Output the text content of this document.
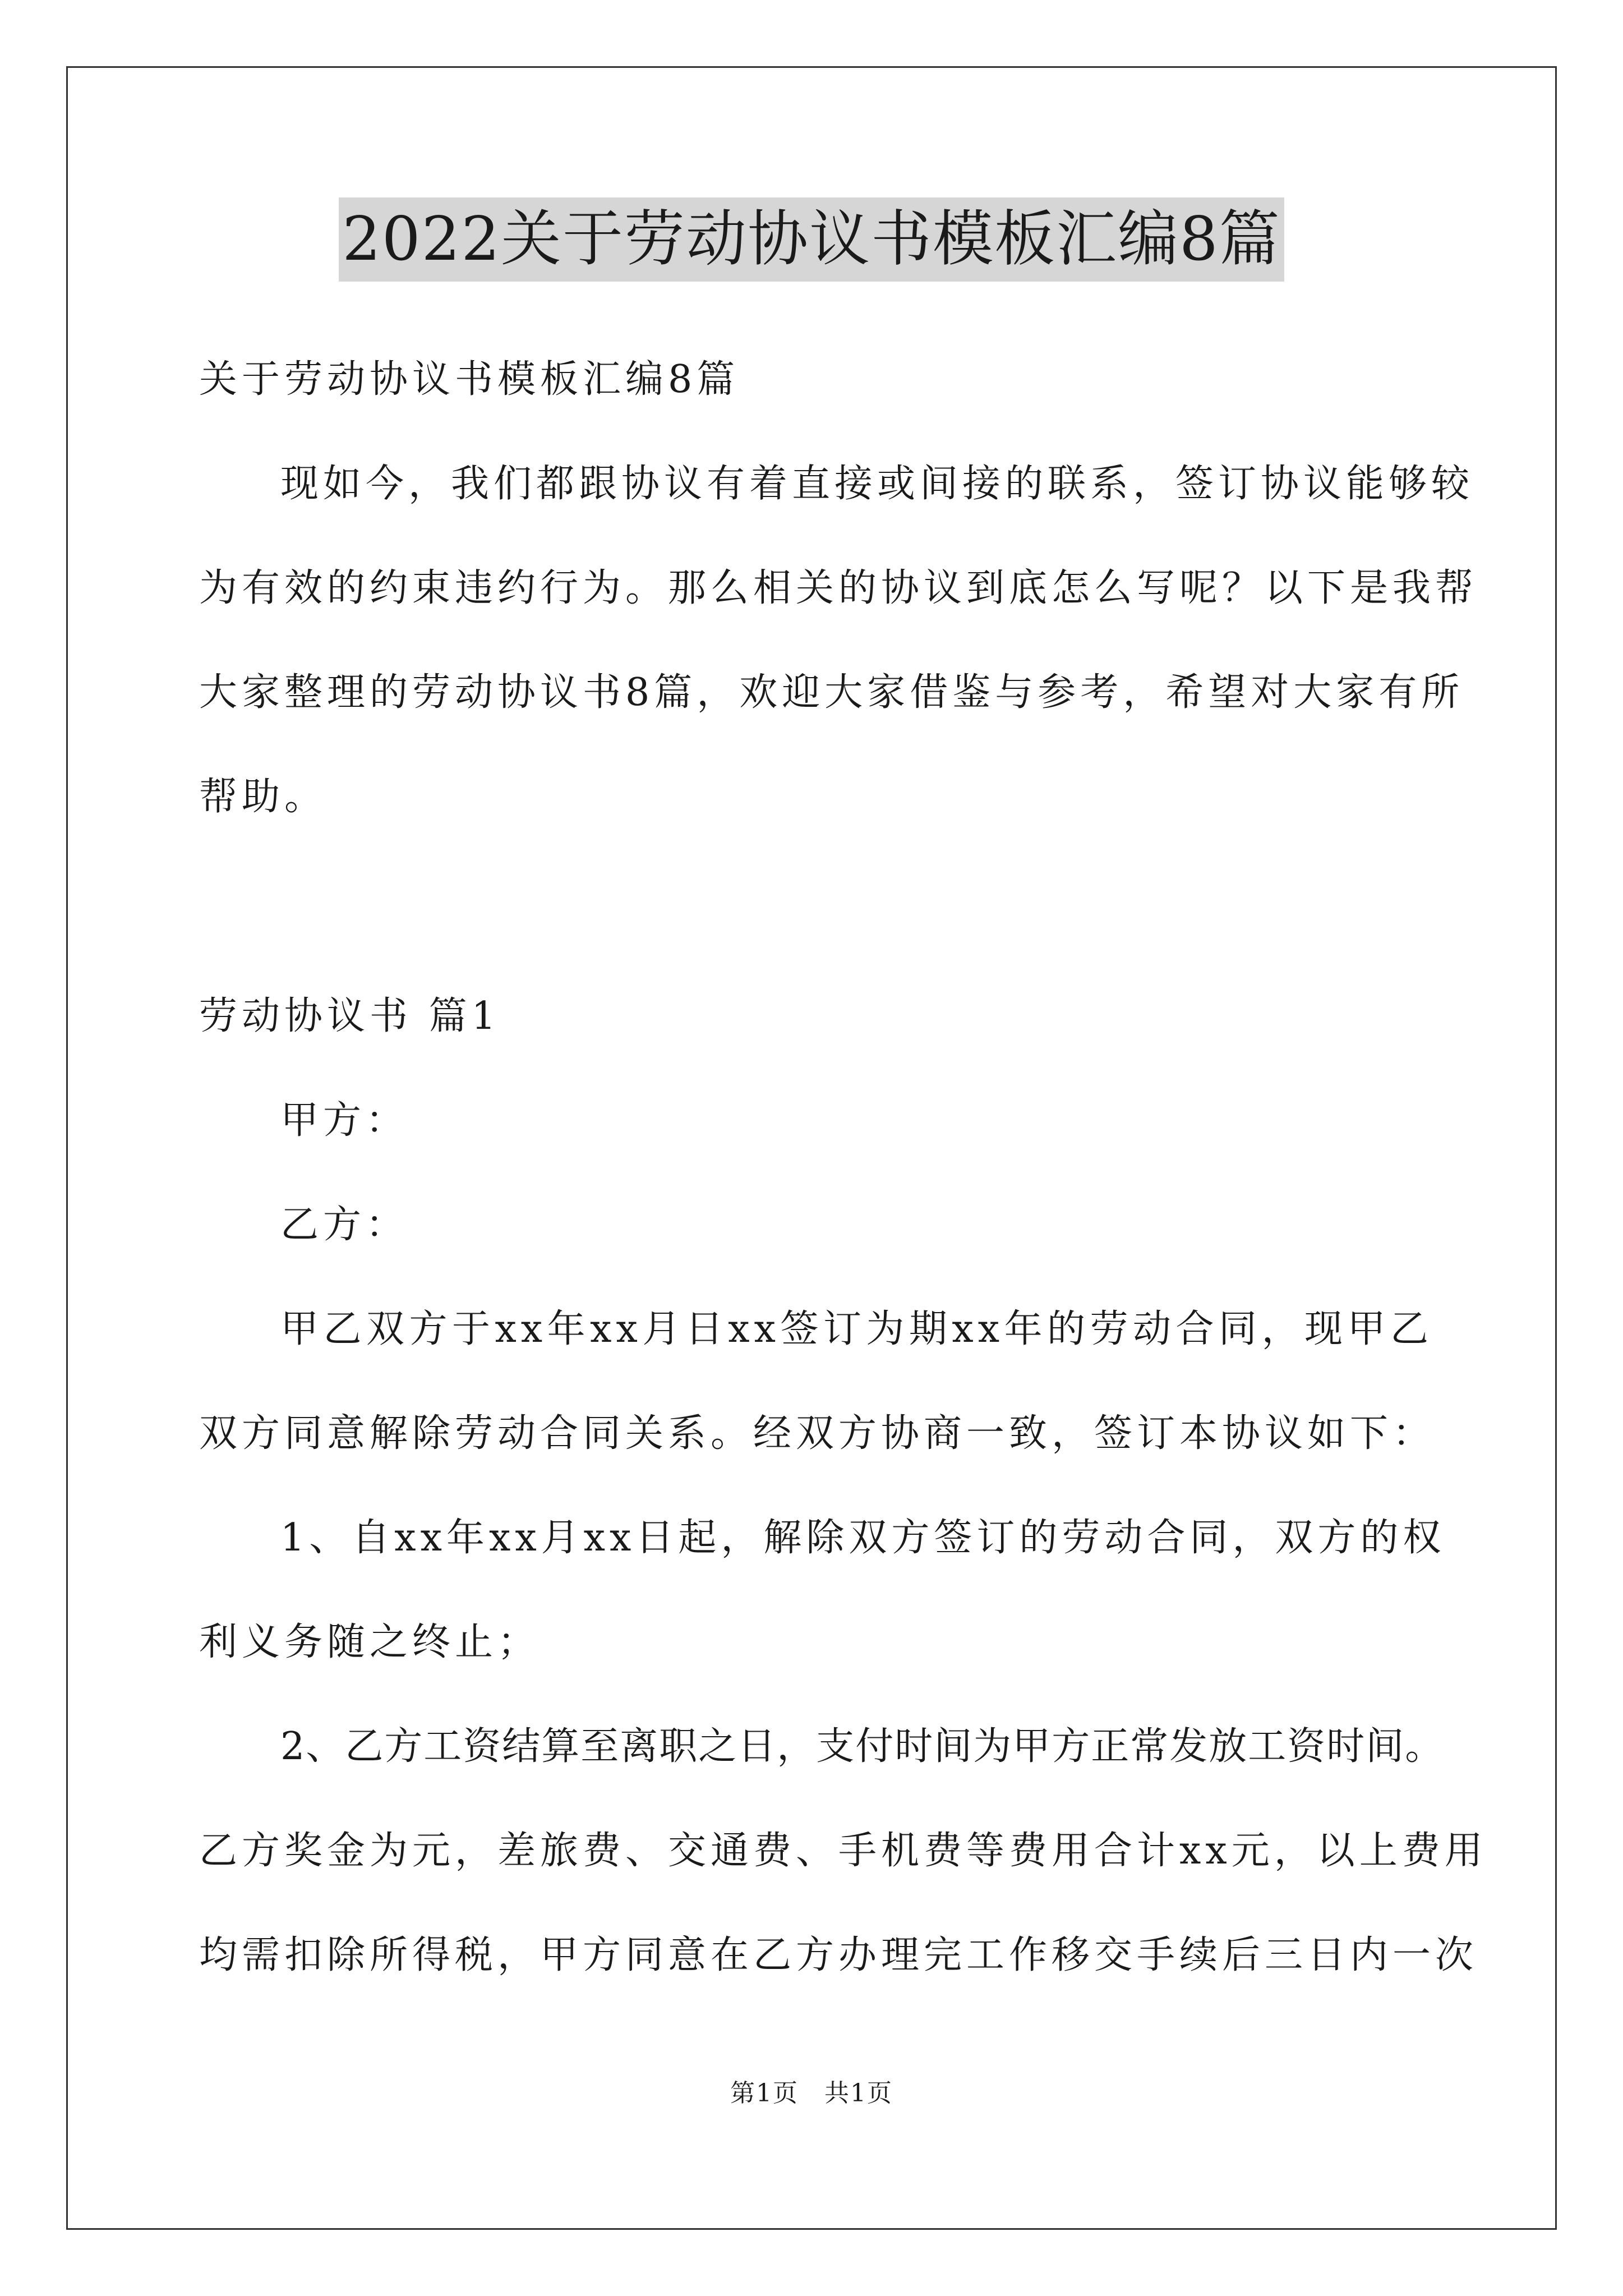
2022关于劳动协议书模板汇编8篇
关于劳动协议书模板汇编8篇
现如今，我们都跟协议有着直接或间接的联系，签订协议能够较
为有效的约束违约行为。那么相关的协议到底怎么写呢？以下是我帮
大家整理的劳动协议书8篇，欢迎大家借鉴与参考，希望对大家有所
帮助。
劳动协议书 篇1
甲方：
乙方：
甲乙双方于xx年xx月日xx签订为期xx年的劳动合同，现甲乙
双方同意解除劳动合同关系。经双方协商一致，签订本协议如下：
1、自xx年xx月xx日起，解除双方签订的劳动合同，双方的权
利义务随之终止；
2、乙方工资结算至离职之日，支付时间为甲方正常发放工资时间。
乙方奖金为元，差旅费、交通费、手机费等费用合计xx元，以上费用
均需扣除所得税，甲方同意在乙方办理完工作移交手续后三日内一次
第1页　共1页
